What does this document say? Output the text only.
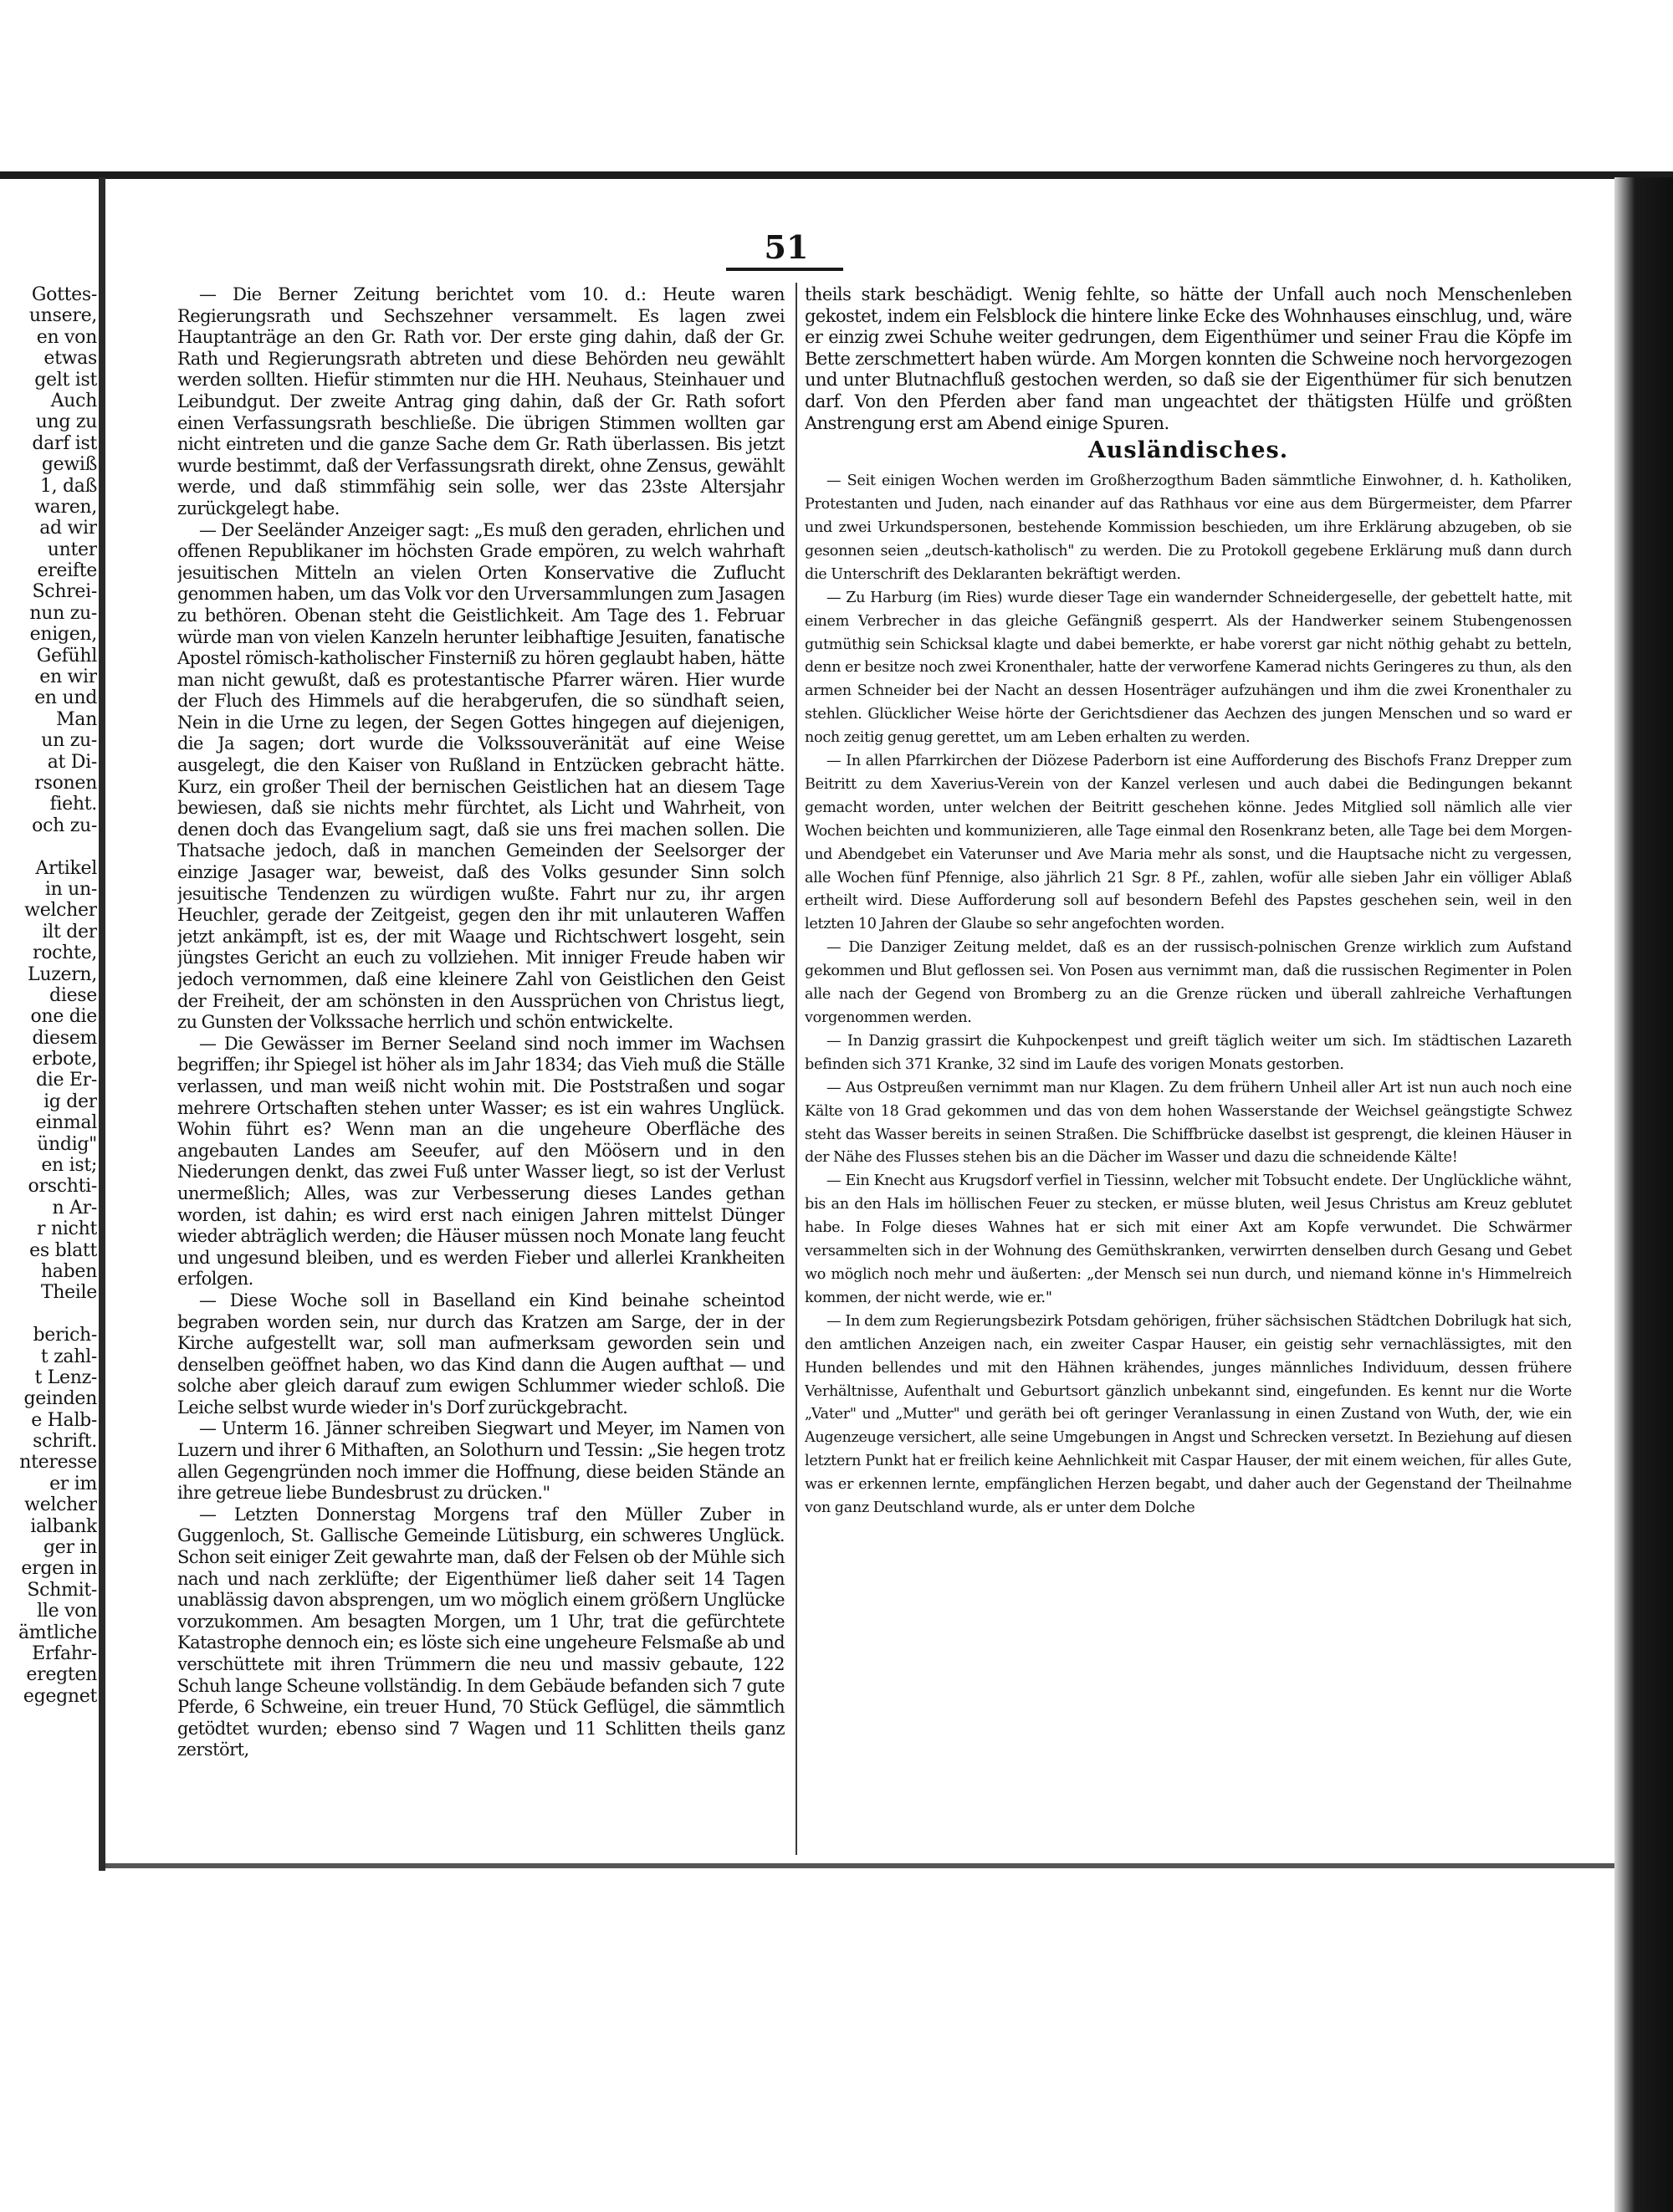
51
Gottes-
unsere,
en von
etwas
gelt ist
Auch
ung zu
darf ist
gewiß
1, daß
waren,
ad wir
unter
ereifte
Schrei-
nun zu-
enigen,
Gefühl
en wir
en und
Man
un zu-
at Di-
rsonen
fieht.
och zu-
Artikel
in un-
welcher
ilt der
rochte,
Luzern,
diese
one die
diesem
erbote,
die Er-
ig der
einmal
ündig"
en ist;
orschti-
n Ar-
r nicht
es blatt
haben
Theile
berich-
t zahl-
t Lenz-
geinden
e Halb-
schrift.
nteresse
er im
welcher
ialbank
ger in
ergen in
Schmit-
lle von
ämtliche
Erfahr-
eregten
egegnet

— Die Berner Zeitung berichtet vom 10. d.: Heute waren Regierungsrath und Sechszehner versammelt. Es lagen zwei Hauptanträge an den Gr. Rath vor. Der erste ging dahin, daß der Gr. Rath und Regierungsrath abtreten und diese Behörden neu gewählt werden sollten. Hiefür stimmten nur die HH. Neuhaus, Steinhauer und Leibundgut. Der zweite Antrag ging dahin, daß der Gr. Rath sofort einen Verfassungsrath beschließe. Die übrigen Stimmen wollten gar nicht eintreten und die ganze Sache dem Gr. Rath überlassen. Bis jetzt wurde bestimmt, daß der Verfassungsrath direkt, ohne Zensus, gewählt werde, und daß stimmfähig sein solle, wer das 23ste Altersjahr zurückgelegt habe.

— Der Seeländer Anzeiger sagt: „Es muß den geraden, ehrlichen und offenen Republikaner im höchsten Grade empören, zu welch wahrhaft jesuitischen Mitteln an vielen Orten Konservative die Zuflucht genommen haben, um das Volk vor den Urversammlungen zum Jasagen zu bethören. Obenan steht die Geistlichkeit. Am Tage des 1. Februar würde man von vielen Kanzeln herunter leibhaftige Jesuiten, fanatische Apostel römisch-katholischer Finsterniß zu hören geglaubt haben, hätte man nicht gewußt, daß es protestantische Pfarrer wären. Hier wurde der Fluch des Himmels auf die herabgerufen, die so sündhaft seien, Nein in die Urne zu legen, der Segen Gottes hingegen auf diejenigen, die Ja sagen; dort wurde die Volkssouveränität auf eine Weise ausgelegt, die den Kaiser von Rußland in Entzücken gebracht hätte. Kurz, ein großer Theil der bernischen Geistlichen hat an diesem Tage bewiesen, daß sie nichts mehr fürchtet, als Licht und Wahrheit, von denen doch das Evangelium sagt, daß sie uns frei machen sollen. Die Thatsache jedoch, daß in manchen Gemeinden der Seelsorger der einzige Jasager war, beweist, daß des Volks gesunder Sinn solch jesuitische Tendenzen zu würdigen wußte. Fahrt nur zu, ihr argen Heuchler, gerade der Zeitgeist, gegen den ihr mit unlauteren Waffen jetzt ankämpft, ist es, der mit Waage und Richtschwert losgeht, sein jüngstes Gericht an euch zu vollziehen. Mit inniger Freude haben wir jedoch vernommen, daß eine kleinere Zahl von Geistlichen den Geist der Freiheit, der am schönsten in den Aussprüchen von Christus liegt, zu Gunsten der Volkssache herrlich und schön entwickelte.

— Die Gewässer im Berner Seeland sind noch immer im Wachsen begriffen; ihr Spiegel ist höher als im Jahr 1834; das Vieh muß die Ställe verlassen, und man weiß nicht wohin mit. Die Poststraßen und sogar mehrere Ortschaften stehen unter Wasser; es ist ein wahres Unglück. Wohin führt es? Wenn man an die ungeheure Oberfläche des angebauten Landes am Seeufer, auf den Möösern und in den Niederungen denkt, das zwei Fuß unter Wasser liegt, so ist der Verlust unermeßlich; Alles, was zur Verbesserung dieses Landes gethan worden, ist dahin; es wird erst nach einigen Jahren mittelst Dünger wieder abträglich werden; die Häuser müssen noch Monate lang feucht und ungesund bleiben, und es werden Fieber und allerlei Krankheiten erfolgen.

— Diese Woche soll in Baselland ein Kind beinahe scheintod begraben worden sein, nur durch das Kratzen am Sarge, der in der Kirche aufgestellt war, soll man aufmerksam geworden sein und denselben geöffnet haben, wo das Kind dann die Augen aufthat — und solche aber gleich darauf zum ewigen Schlummer wieder schloß. Die Leiche selbst wurde wieder in's Dorf zurückgebracht.

— Unterm 16. Jänner schreiben Siegwart und Meyer, im Namen von Luzern und ihrer 6 Mithaften, an Solothurn und Tessin: „Sie hegen trotz allen Gegengründen noch immer die Hoffnung, diese beiden Stände an ihre getreue liebe Bundesbrust zu drücken."

— Letzten Donnerstag Morgens traf den Müller Zuber in Guggenloch, St. Gallische Gemeinde Lütisburg, ein schweres Unglück. Schon seit einiger Zeit gewahrte man, daß der Felsen ob der Mühle sich nach und nach zerklüfte; der Eigenthümer ließ daher seit 14 Tagen unablässig davon absprengen, um wo möglich einem größern Unglücke vorzukommen. Am besagten Morgen, um 1 Uhr, trat die gefürchtete Katastrophe dennoch ein; es löste sich eine ungeheure Felsmaße ab und verschüttete mit ihren Trümmern die neu und massiv gebaute, 122 Schuh lange Scheune vollständig. In dem Gebäude befanden sich 7 gute Pferde, 6 Schweine, ein treuer Hund, 70 Stück Geflügel, die sämmtlich getödtet wurden; ebenso sind 7 Wagen und 11 Schlitten theils ganz zerstört,

theils stark beschädigt. Wenig fehlte, so hätte der Unfall auch noch Menschenleben gekostet, indem ein Felsblock die hintere linke Ecke des Wohnhauses einschlug, und, wäre er einzig zwei Schuhe weiter gedrungen, dem Eigenthümer und seiner Frau die Köpfe im Bette zerschmettert haben würde. Am Morgen konnten die Schweine noch hervorgezogen und unter Blutnachfluß gestochen werden, so daß sie der Eigenthümer für sich benutzen darf. Von den Pferden aber fand man ungeachtet der thätigsten Hülfe und größten Anstrengung erst am Abend einige Spuren.

Ausländisches.

— Seit einigen Wochen werden im Großherzogthum Baden sämmtliche Einwohner, d. h. Katholiken, Protestanten und Juden, nach einander auf das Rathhaus vor eine aus dem Bürgermeister, dem Pfarrer und zwei Urkundspersonen, bestehende Kommission beschieden, um ihre Erklärung abzugeben, ob sie gesonnen seien „deutsch-katholisch" zu werden. Die zu Protokoll gegebene Erklärung muß dann durch die Unterschrift des Deklaranten bekräftigt werden.

— Zu Harburg (im Ries) wurde dieser Tage ein wandernder Schneidergeselle, der gebettelt hatte, mit einem Verbrecher in das gleiche Gefängniß gesperrt. Als der Handwerker seinem Stubengenossen gutmüthig sein Schicksal klagte und dabei bemerkte, er habe vorerst gar nicht nöthig gehabt zu betteln, denn er besitze noch zwei Kronenthaler, hatte der verworfene Kamerad nichts Geringeres zu thun, als den armen Schneider bei der Nacht an dessen Hosenträger aufzuhängen und ihm die zwei Kronenthaler zu stehlen. Glücklicher Weise hörte der Gerichtsdiener das Aechzen des jungen Menschen und so ward er noch zeitig genug gerettet, um am Leben erhalten zu werden.

— In allen Pfarrkirchen der Diözese Paderborn ist eine Aufforderung des Bischofs Franz Drepper zum Beitritt zu dem Xaverius-Verein von der Kanzel verlesen und auch dabei die Bedingungen bekannt gemacht worden, unter welchen der Beitritt geschehen könne. Jedes Mitglied soll nämlich alle vier Wochen beichten und kommunizieren, alle Tage einmal den Rosenkranz beten, alle Tage bei dem Morgen- und Abendgebet ein Vaterunser und Ave Maria mehr als sonst, und die Hauptsache nicht zu vergessen, alle Wochen fünf Pfennige, also jährlich 21 Sgr. 8 Pf., zahlen, wofür alle sieben Jahr ein völliger Ablaß ertheilt wird. Diese Aufforderung soll auf besondern Befehl des Papstes geschehen sein, weil in den letzten 10 Jahren der Glaube so sehr angefochten worden.

— Die Danziger Zeitung meldet, daß es an der russisch-polnischen Grenze wirklich zum Aufstand gekommen und Blut geflossen sei. Von Posen aus vernimmt man, daß die russischen Regimenter in Polen alle nach der Gegend von Bromberg zu an die Grenze rücken und überall zahlreiche Verhaftungen vorgenommen werden.

— In Danzig grassirt die Kuhpockenpest und greift täglich weiter um sich. Im städtischen Lazareth befinden sich 371 Kranke, 32 sind im Laufe des vorigen Monats gestorben.

— Aus Ostpreußen vernimmt man nur Klagen. Zu dem frühern Unheil aller Art ist nun auch noch eine Kälte von 18 Grad gekommen und das von dem hohen Wasserstande der Weichsel geängstigte Schwez steht das Wasser bereits in seinen Straßen. Die Schiffbrücke daselbst ist gesprengt, die kleinen Häuser in der Nähe des Flusses stehen bis an die Dächer im Wasser und dazu die schneidende Kälte!

— Ein Knecht aus Krugsdorf verfiel in Tiessinn, welcher mit Tobsucht endete. Der Unglückliche wähnt, bis an den Hals im höllischen Feuer zu stecken, er müsse bluten, weil Jesus Christus am Kreuz geblutet habe. In Folge dieses Wahnes hat er sich mit einer Axt am Kopfe verwundet. Die Schwärmer versammelten sich in der Wohnung des Gemüthskranken, verwirrten denselben durch Gesang und Gebet wo möglich noch mehr und äußerten: „der Mensch sei nun durch, und niemand könne in's Himmelreich kommen, der nicht werde, wie er."

— In dem zum Regierungsbezirk Potsdam gehörigen, früher sächsischen Städtchen Dobrilugk hat sich, den amtlichen Anzeigen nach, ein zweiter Caspar Hauser, ein geistig sehr vernachlässigtes, mit den Hunden bellendes und mit den Hähnen krähendes, junges männliches Individuum, dessen frühere Verhältnisse, Aufenthalt und Geburtsort gänzlich unbekannt sind, eingefunden. Es kennt nur die Worte „Vater" und „Mutter" und geräth bei oft geringer Veranlassung in einen Zustand von Wuth, der, wie ein Augenzeuge versichert, alle seine Umgebungen in Angst und Schrecken versetzt. In Beziehung auf diesen letztern Punkt hat er freilich keine Aehnlichkeit mit Caspar Hauser, der mit einem weichen, für alles Gute, was er erkennen lernte, empfänglichen Herzen begabt, und daher auch der Gegenstand der Theilnahme von ganz Deutschland wurde, als er unter dem Dolche
